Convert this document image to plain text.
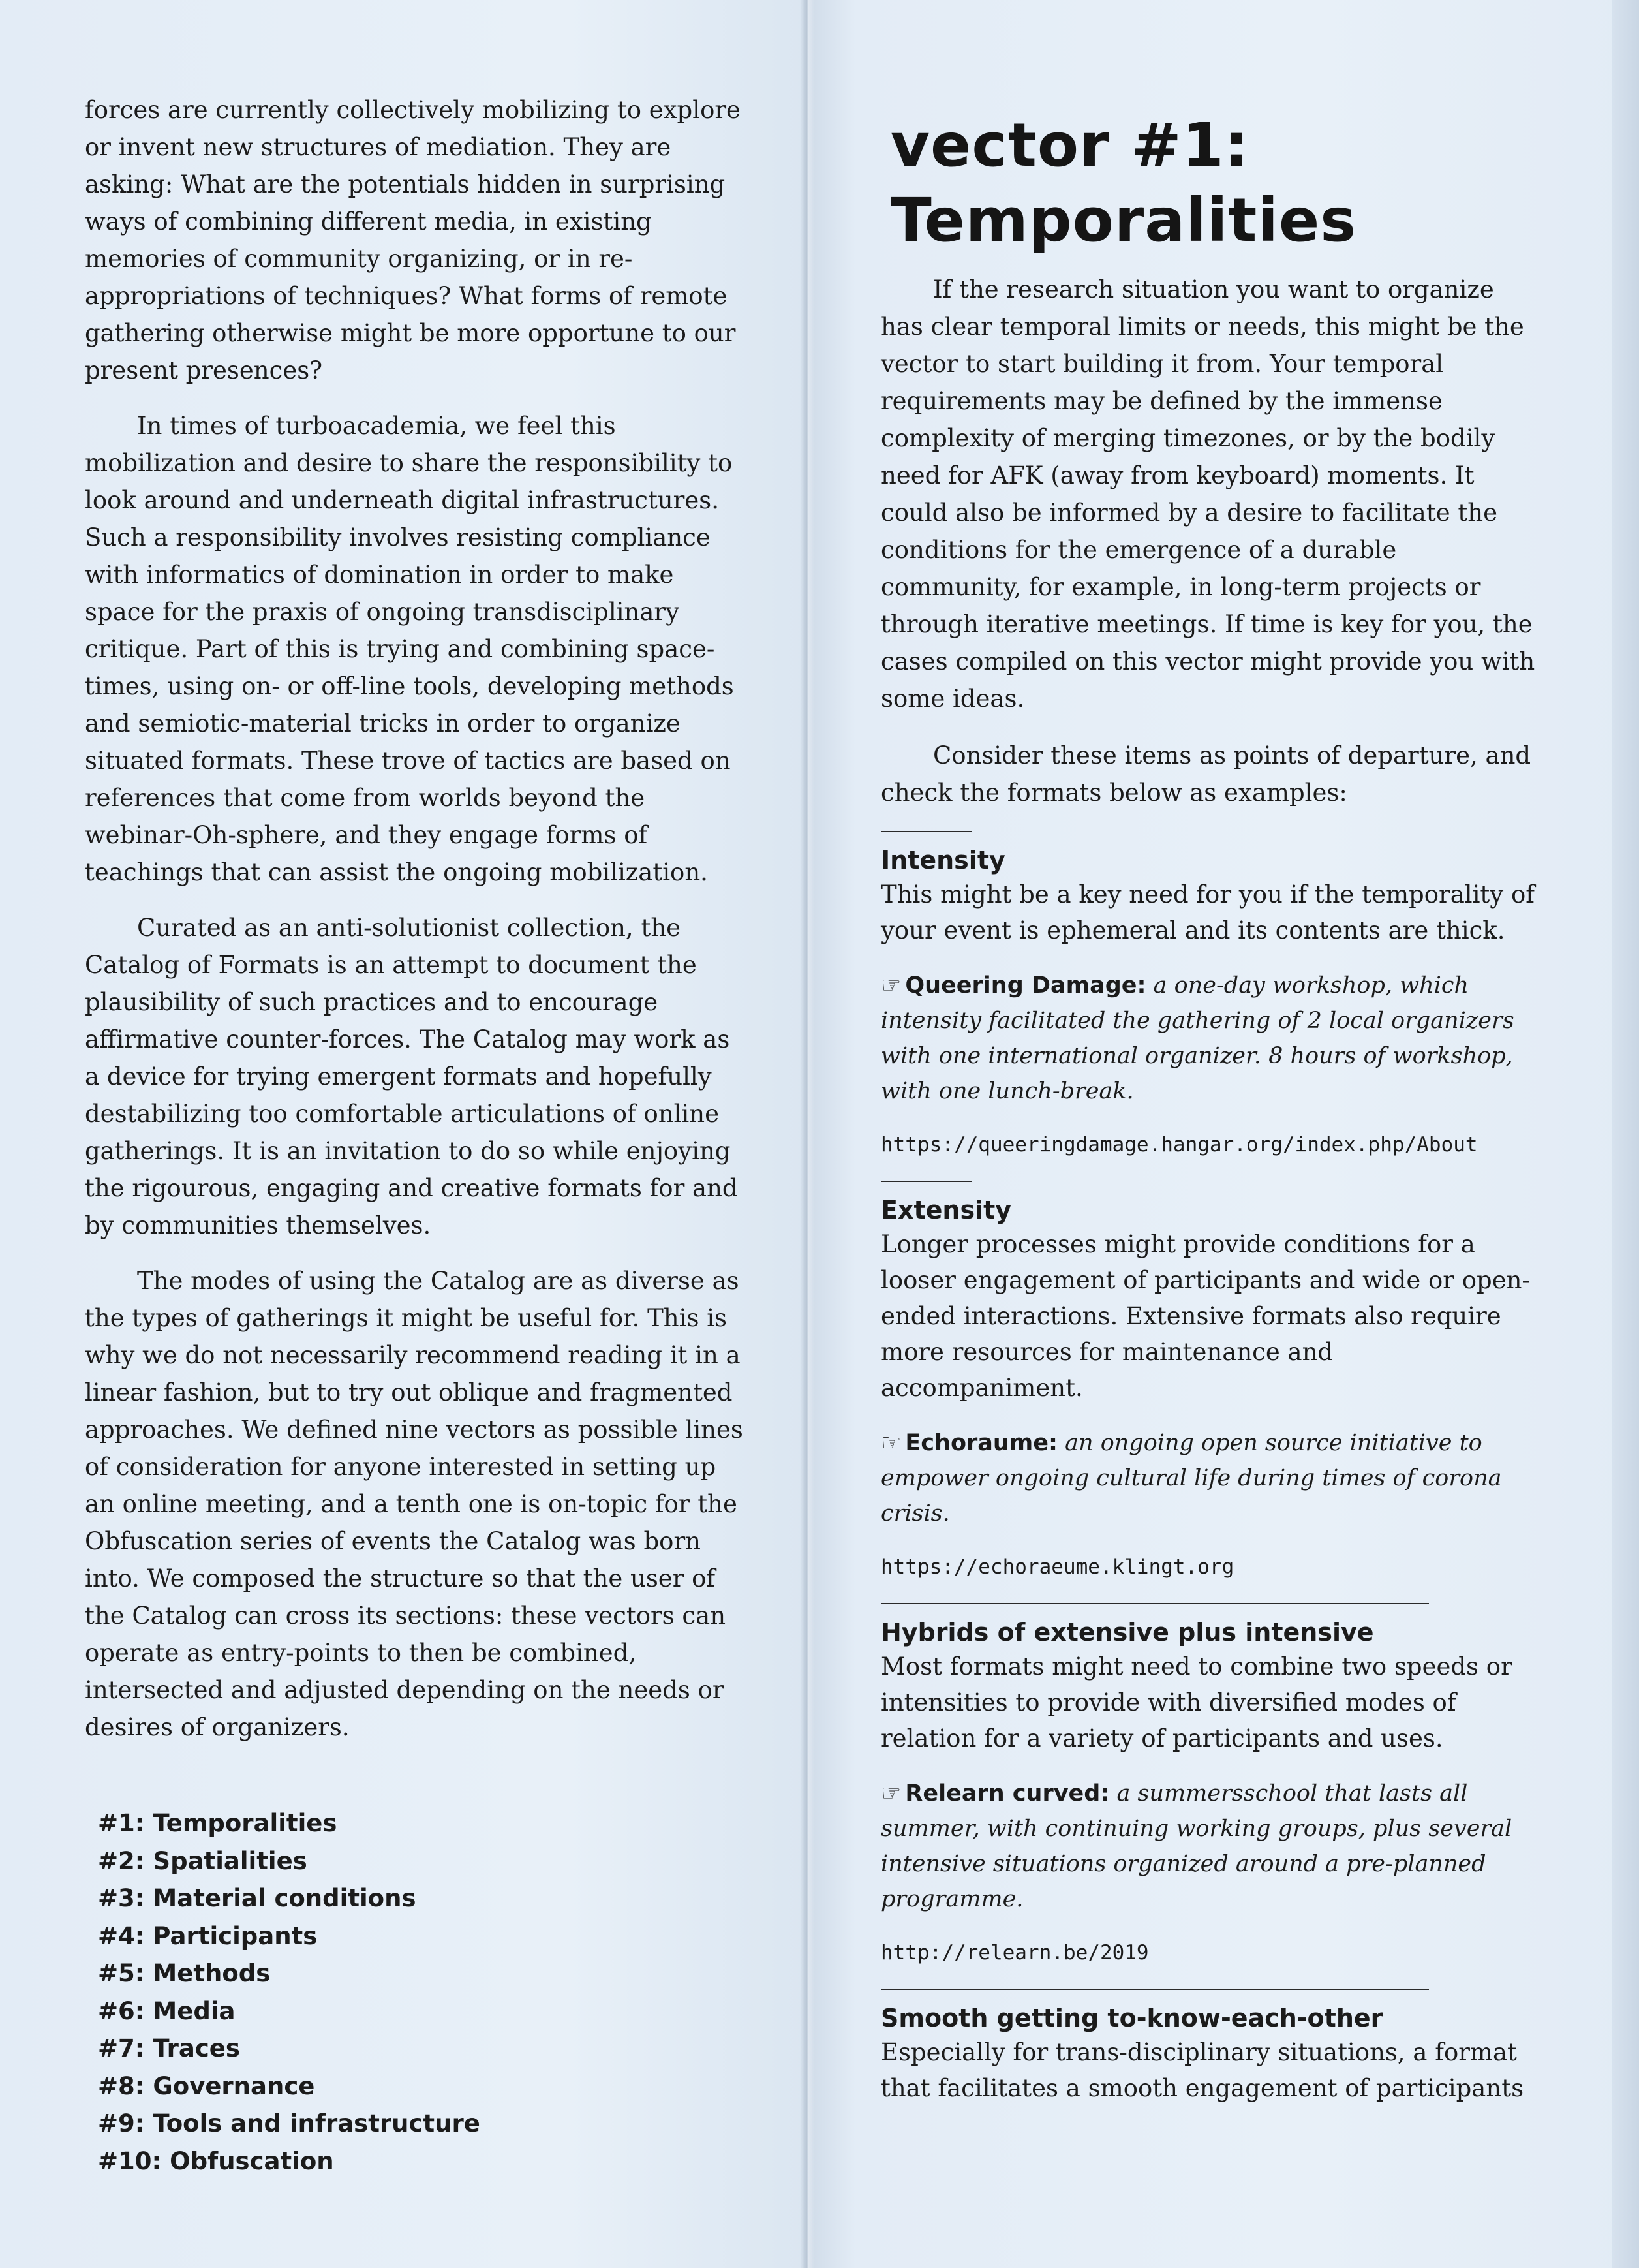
forces are currently collectively mobilizing to explore or invent new structures of mediation. They are asking: What are the potentials hidden in surprising ways of combining different media, in existing memories of community organizing, or in re-appropriations of techniques? What forms of remote gathering otherwise might be more opportune to our present presences?

In times of turboacademia, we feel this mobilization and desire to share the responsibility to look around and underneath digital infrastructures. Such a responsibility involves resisting compliance with informatics of domination in order to make space for the praxis of ongoing transdisciplinary critique. Part of this is trying and combining space-times, using on- or off-line tools, developing methods and semiotic-material tricks in order to organize situated formats. These trove of tactics are based on references that come from worlds beyond the webinar-Oh-sphere, and they engage forms of teachings that can assist the ongoing mobilization.

Curated as an anti-solutionist collection, the Catalog of Formats is an attempt to document the plausibility of such practices and to encourage affirmative counter-forces. The Catalog may work as a device for trying emergent formats and hopefully destabilizing too comfortable articulations of online gatherings. It is an invitation to do so while enjoying the rigourous, engaging and creative formats for and by communities themselves.

The modes of using the Catalog are as diverse as the types of gatherings it might be useful for. This is why we do not necessarily recommend reading it in a linear fashion, but to try out oblique and fragmented approaches. We defined nine vectors as possible lines of consideration for anyone interested in setting up an online meeting, and a tenth one is on-topic for the Obfuscation series of events the Catalog was born into. We composed the structure so that the user of the Catalog can cross its sections: these vectors can operate as entry-points to then be combined, intersected and adjusted depending on the needs or desires of organizers.

#1: Temporalities
#2: Spatialities
#3: Material conditions
#4: Participants
#5: Methods
#6: Media
#7: Traces
#8: Governance
#9: Tools and infrastructure
#10: Obfuscation
vector #1:
Temporalities

If the research situation you want to organize has clear temporal limits or needs, this might be the vector to start building it from. Your temporal requirements may be defined by the immense complexity of merging timezones, or by the bodily need for AFK (away from keyboard) moments. It could also be informed by a desire to facilitate the conditions for the emergence of a durable community, for example, in long-term projects or through iterative meetings. If time is key for you, the cases compiled on this vector might provide you with some ideas.

Consider these items as points of departure, and check the formats below as examples:

Intensity

This might be a key need for you if the temporality of your event is ephemeral and its contents are thick.

☞ Queering Damage: a one-day workshop, which intensity facilitated the gathering of 2 local organizers with one international organizer. 8 hours of workshop, with one lunch-break.

https://queeringdamage.hangar.org/index.php/About
Extensity

Longer processes might provide conditions for a looser engagement of participants and wide or open-ended interactions. Extensive formats also require more resources for maintenance and accompaniment.

☞ Echoraume: an ongoing open source initiative to empower ongoing cultural life during times of corona crisis.

https://echoraeume.klingt.org
Hybrids of extensive plus intensive

Most formats might need to combine two speeds or intensities to provide with diversified modes of relation for a variety of participants and uses.

☞ Relearn curved: a summersschool that lasts all summer, with continuing working groups, plus several intensive situations organized around a pre-planned programme.

http://relearn.be/2019
Smooth getting to-know-each-other

Especially for trans-disciplinary situations, a format that facilitates a smooth engagement of participants
